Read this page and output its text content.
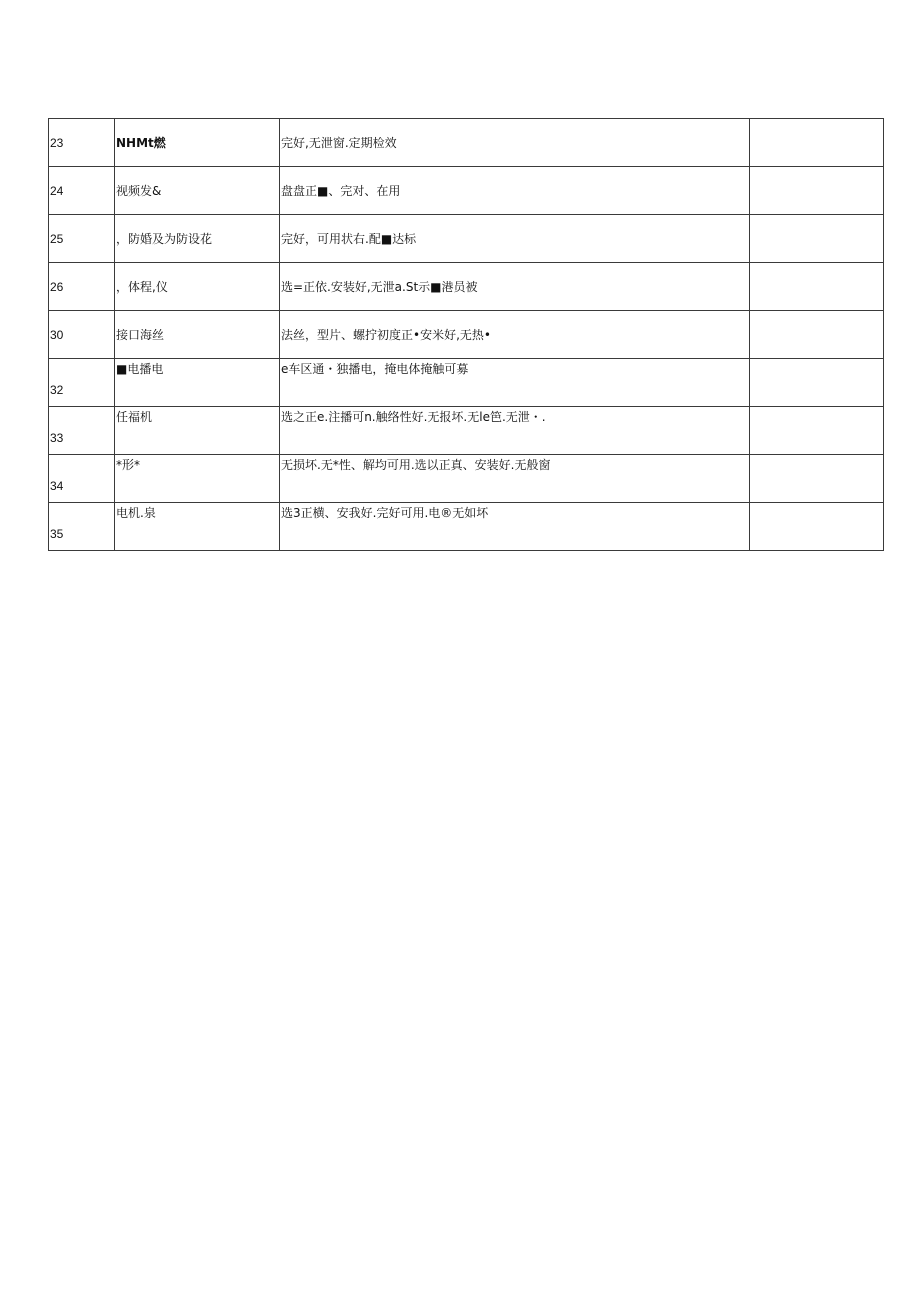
23	NHMt燃	完好,无泄窗.定期检效	
24	视频发&	盘盘正■、完对、在用	
25	，防婚及为防设花	完好，可用状右.配■达标	
26	，体程,仪	选=正依.安装好,无泄a.St示■港员被	
30	接口海丝	法丝，型片、螺拧初度正•安米好,无热•	
32	■电播电	e车区通・独播电，掩电体掩触可募	
33	任福机	选之正e.注播可n.触络性好.无报坏.无le笆.无泄・.	
34	*形*	无损坏.无*性、解均可用.选以正真、安装好.无般窗	
35	电机.泉	选3正横、安我好.完好可用.电®无如坏	
